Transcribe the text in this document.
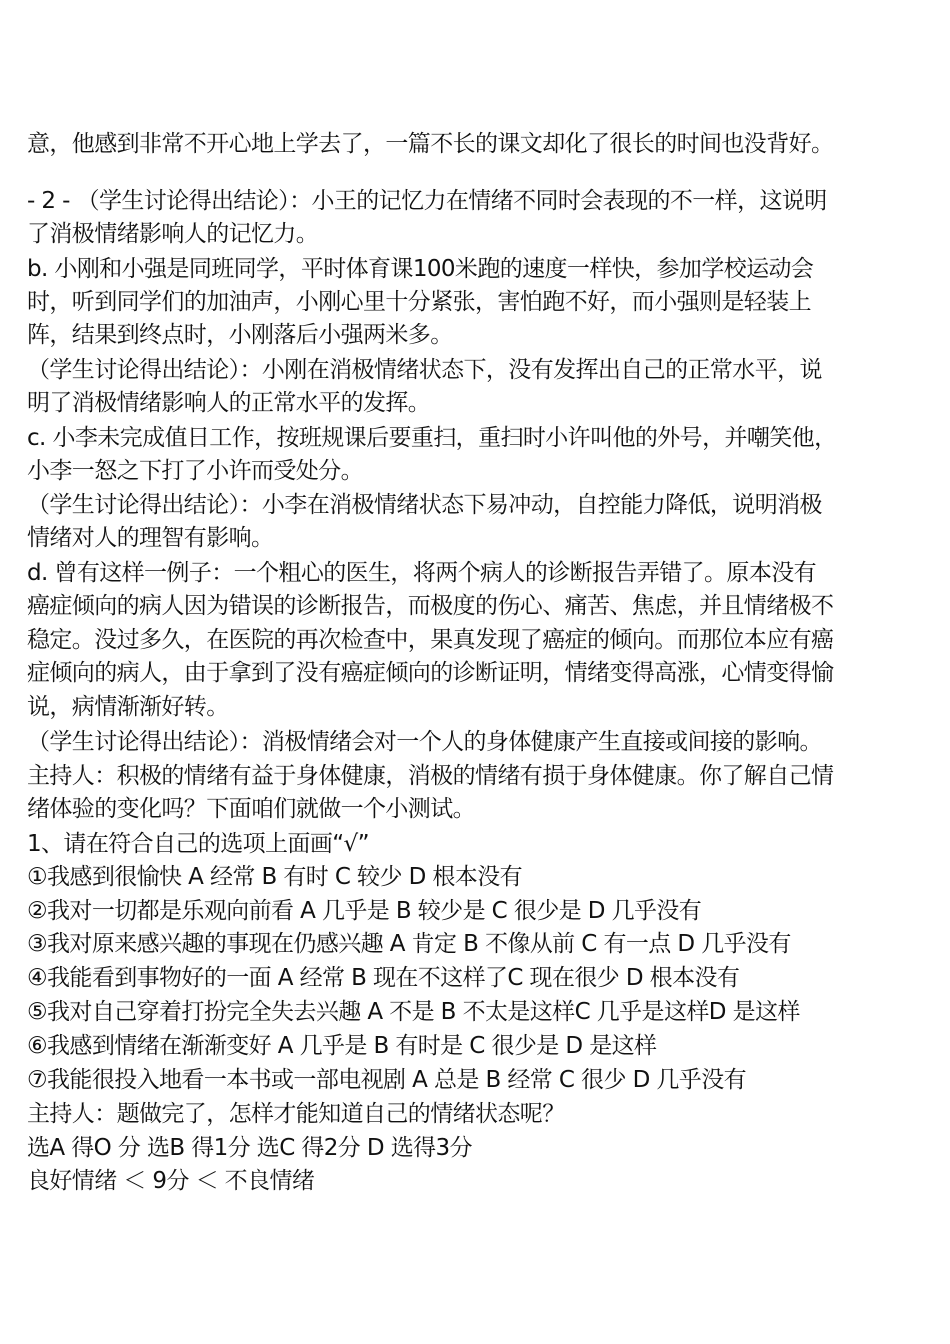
意，他感到非常不开心地上学去了，一篇不长的课文却化了很长的时间也没背好。
- 2 - （学生讨论得出结论）：小王的记忆力在情绪不同时会表现的不一样，这说明
了消极情绪影响人的记忆力。
b. 小刚和小强是同班同学，平时体育课100米跑的速度一样快，参加学校运动会
时，听到同学们的加油声，小刚心里十分紧张，害怕跑不好，而小强则是轻装上
阵，结果到终点时，小刚落后小强两米多。
（学生讨论得出结论）：小刚在消极情绪状态下，没有发挥出自己的正常水平，说
明了消极情绪影响人的正常水平的发挥。
c. 小李未完成值日工作，按班规课后要重扫，重扫时小许叫他的外号，并嘲笑他，
小李一怒之下打了小许而受处分。
（学生讨论得出结论）：小李在消极情绪状态下易冲动，自控能力降低，说明消极
情绪对人的理智有影响。
d. 曾有这样一例子：一个粗心的医生，将两个病人的诊断报告弄错了。原本没有
癌症倾向的病人因为错误的诊断报告，而极度的伤心、痛苦、焦虑，并且情绪极不
稳定。没过多久，在医院的再次检查中，果真发现了癌症的倾向。而那位本应有癌
症倾向的病人，由于拿到了没有癌症倾向的诊断证明，情绪变得高涨，心情变得愉
说，病情渐渐好转。
（学生讨论得出结论）：消极情绪会对一个人的身体健康产生直接或间接的影响。
主持人：积极的情绪有益于身体健康，消极的情绪有损于身体健康。你了解自己情
绪体验的变化吗？下面咱们就做一个小测试。
1、请在符合自己的选项上面画“√”
①我感到很愉快 A 经常 B 有时 C 较少 D 根本没有
②我对一切都是乐观向前看 A 几乎是 B 较少是 C 很少是 D 几乎没有
③我对原来感兴趣的事现在仍感兴趣 A 肯定 B 不像从前 C 有一点 D 几乎没有
④我能看到事物好的一面 A 经常 B 现在不这样了C 现在很少 D 根本没有
⑤我对自己穿着打扮完全失去兴趣 A 不是 B 不太是这样C 几乎是这样D 是这样
⑥我感到情绪在渐渐变好 A 几乎是 B 有时是 C 很少是 D 是这样
⑦我能很投入地看一本书或一部电视剧 A 总是 B 经常 C 很少 D 几乎没有
主持人：题做完了，怎样才能知道自己的情绪状态呢？
选A 得O 分 选B 得1分 选C 得2分 D 选得3分
良好情绪 ＜ 9分 ＜ 不良情绪
